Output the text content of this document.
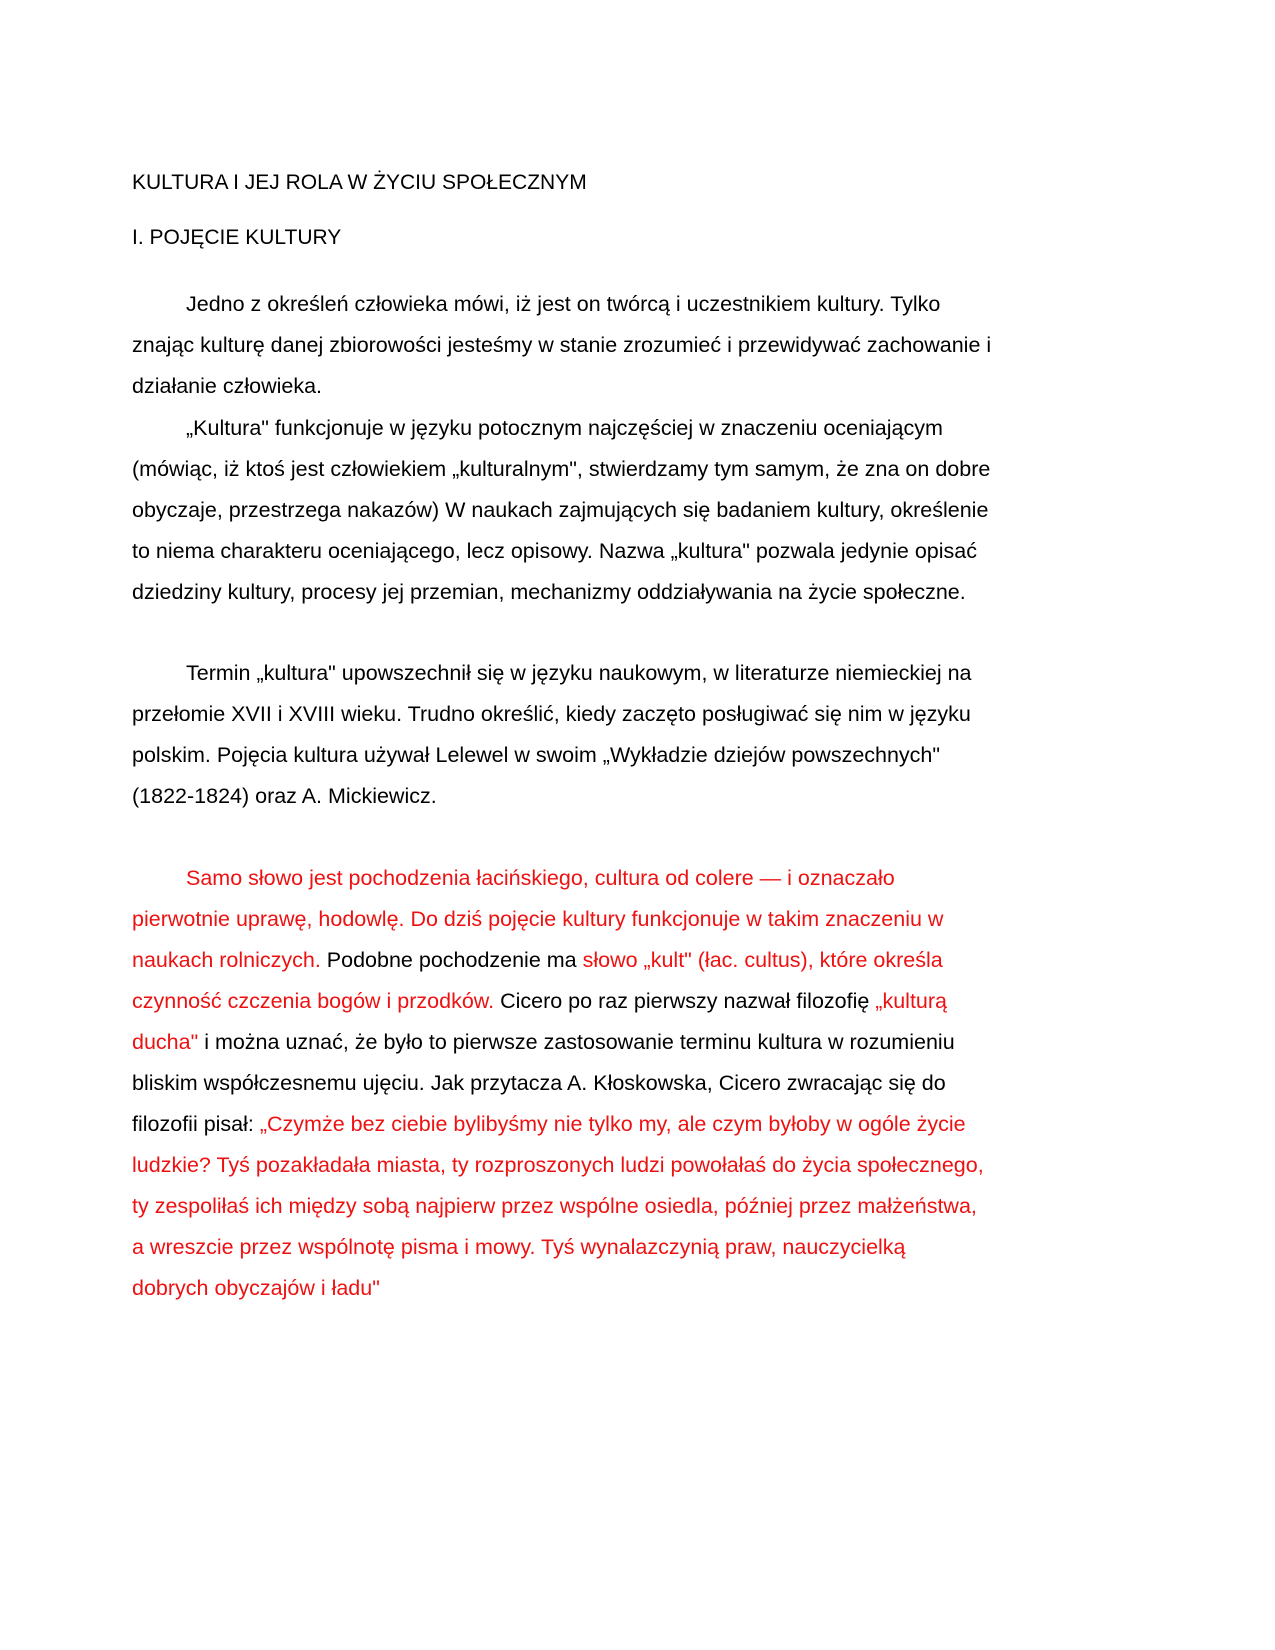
KULTURA I JEJ ROLA W ŻYCIU SPOŁECZNYM
I. POJĘCIE KULTURY
Jedno z określeń człowieka mówi, iż jest on twórcą i uczestnikiem kultury. Tylko
znając kulturę danej zbiorowości jesteśmy w stanie zrozumieć i przewidywać zachowanie i
działanie człowieka.
„Kultura" funkcjonuje w języku potocznym najczęściej w znaczeniu oceniającym
(mówiąc, iż ktoś jest człowiekiem „kulturalnym", stwierdzamy tym samym, że zna on dobre
obyczaje, przestrzega nakazów) W naukach zajmujących się badaniem kultury, określenie
to niema charakteru oceniającego, lecz opisowy. Nazwa „kultura" pozwala jedynie opisać
dziedziny kultury, procesy jej przemian, mechanizmy oddziaływania na życie społeczne.
Termin „kultura" upowszechnił się w języku naukowym, w literaturze niemieckiej na
przełomie XVII i XVIII wieku. Trudno określić, kiedy zaczęto posługiwać się nim w języku
polskim. Pojęcia kultura używał Lelewel w swoim „Wykładzie dziejów powszechnych"
(1822-1824) oraz A. Mickiewicz.
Samo słowo jest pochodzenia łacińskiego, cultura od colere — i oznaczało
pierwotnie uprawę, hodowlę. Do dziś pojęcie kultury funkcjonuje w takim znaczeniu w
naukach rolniczych. Podobne pochodzenie ma słowo „kult" (łac. cultus), które określa
czynność czczenia bogów i przodków. Cicero po raz pierwszy nazwał filozofię „kulturą
ducha" i można uznać, że było to pierwsze zastosowanie terminu kultura w rozumieniu
bliskim współczesnemu ujęciu. Jak przytacza A. Kłoskowska, Cicero zwracając się do
filozofii pisał: „Czymże bez ciebie bylibyśmy nie tylko my, ale czym byłoby w ogóle życie
ludzkie? Tyś pozakładała miasta, ty rozproszonych ludzi powołałaś do życia społecznego,
ty zespoliłaś ich między sobą najpierw przez wspólne osiedla, później przez małżeństwa,
a wreszcie przez wspólnotę pisma i mowy. Tyś wynalazczynią praw, nauczycielką
dobrych obyczajów i ładu"
